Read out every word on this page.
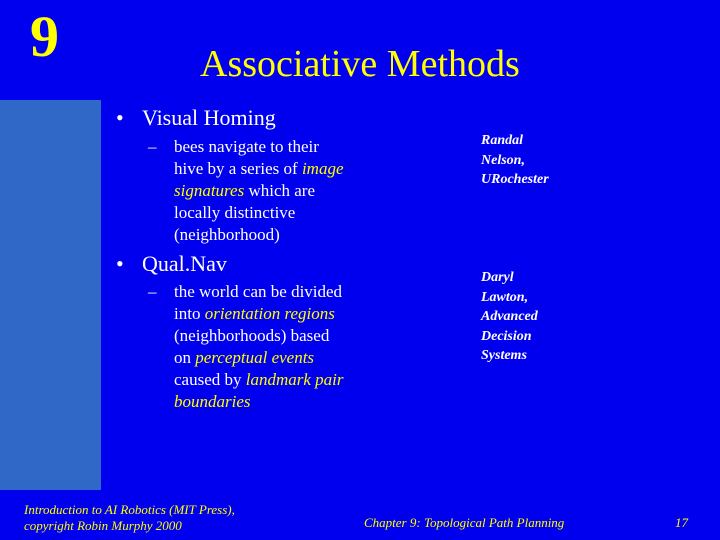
9	Associative Methods
• Visual Homing
– bees navigate to their
hive by a series of image
signatures which are
locally distinctive
(neighborhood)
• Qual.Nav
– the world can be divided
into orientation regions
(neighborhoods) based
on perceptual events
caused by landmark pair
boundaries
Randal
Nelson,
URochester
Daryl
Lawton,
Advanced
Decision
Systems
Introduction to AI Robotics (MIT Press),
copyright Robin Murphy 2000	Chapter 9: Topological Path Planning	17
